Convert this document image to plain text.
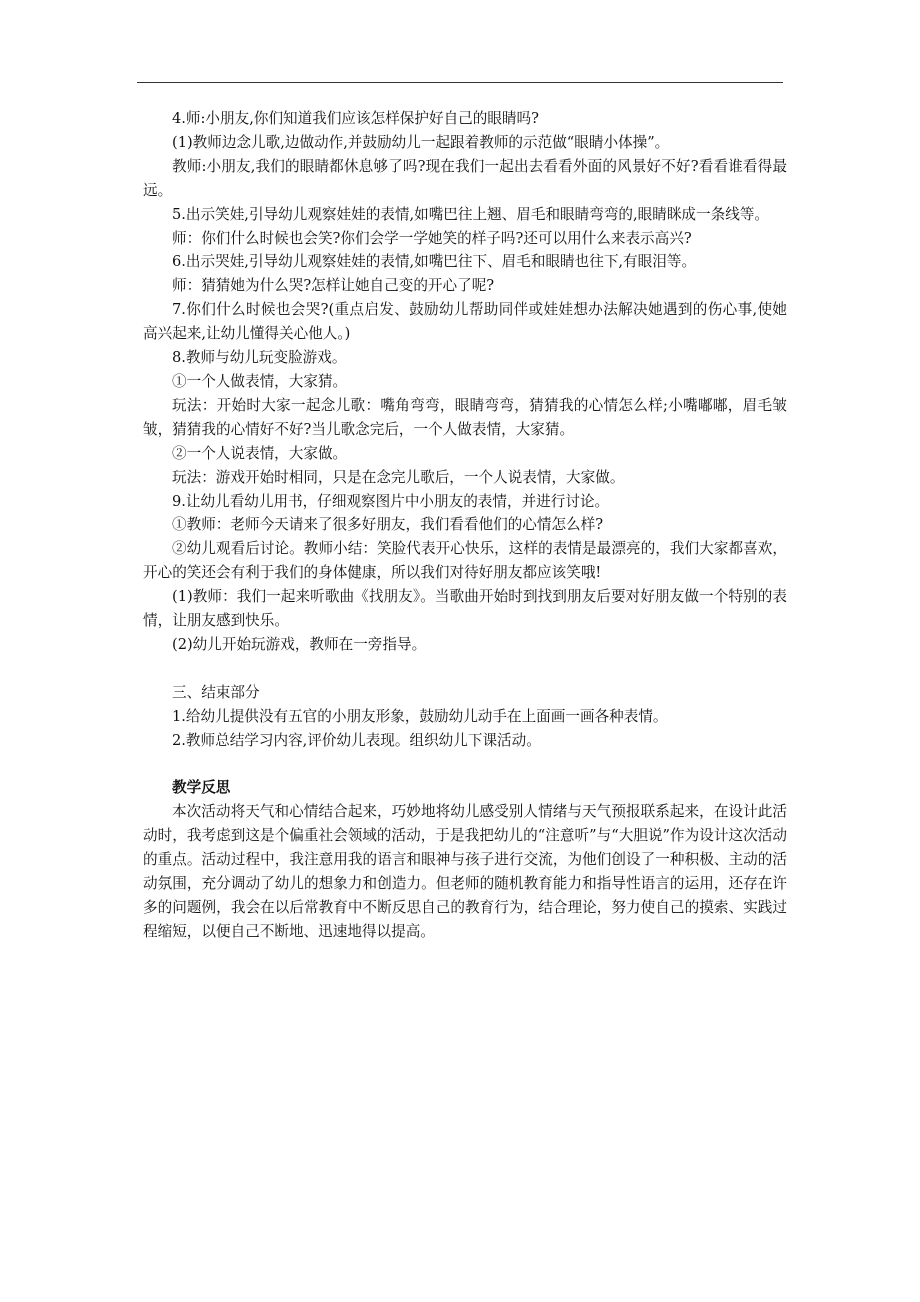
4.师:小朋友,你们知道我们应该怎样保护好自己的眼睛吗?

(1)教师边念儿歌,边做动作,并鼓励幼儿一起跟着教师的示范做“眼睛小体操”。

教师:小朋友,我们的眼睛都休息够了吗?现在我们一起出去看看外面的风景好不好?看看谁看得最远。

5.出示笑娃,引导幼儿观察娃娃的表情,如嘴巴往上翘、眉毛和眼睛弯弯的,眼睛眯成一条线等。

师：你们什么时候也会笑?你们会学一学她笑的样子吗?还可以用什么来表示高兴?

6.出示哭娃,引导幼儿观察娃娃的表情,如嘴巴往下、眉毛和眼睛也往下,有眼泪等。

师：猜猜她为什么哭?怎样让她自己变的开心了呢?

7.你们什么时候也会哭?(重点启发、鼓励幼儿帮助同伴或娃娃想办法解决她遇到的伤心事,使她高兴起来,让幼儿懂得关心他人。)

8.教师与幼儿玩变脸游戏。

①一个人做表情，大家猜。

玩法：开始时大家一起念儿歌：嘴角弯弯，眼睛弯弯，猜猜我的心情怎么样;小嘴嘟嘟，眉毛皱皱，猜猜我的心情好不好?当儿歌念完后，一个人做表情，大家猜。

②一个人说表情，大家做。

玩法：游戏开始时相同，只是在念完儿歌后，一个人说表情，大家做。

9.让幼儿看幼儿用书，仔细观察图片中小朋友的表情，并进行讨论。

①教师：老师今天请来了很多好朋友，我们看看他们的心情怎么样?

②幼儿观看后讨论。教师小结：笑脸代表开心快乐，这样的表情是最漂亮的，我们大家都喜欢，开心的笑还会有利于我们的身体健康，所以我们对待好朋友都应该笑哦!

(1)教师：我们一起来听歌曲《找朋友》。当歌曲开始时到找到朋友后要对好朋友做一个特别的表情，让朋友感到快乐。

(2)幼儿开始玩游戏，教师在一旁指导。

三、结束部分

1.给幼儿提供没有五官的小朋友形象，鼓励幼儿动手在上面画一画各种表情。

2.教师总结学习内容,评价幼儿表现。组织幼儿下课活动。

教学反思

本次活动将天气和心情结合起来，巧妙地将幼儿感受别人情绪与天气预报联系起来，在设计此活动时，我考虑到这是个偏重社会领域的活动，于是我把幼儿的“注意听”与“大胆说”作为设计这次活动的重点。活动过程中，我注意用我的语言和眼神与孩子进行交流，为他们创设了一种积极、主动的活动氛围，充分调动了幼儿的想象力和创造力。但老师的随机教育能力和指导性语言的运用，还存在许多的问题例，我会在以后常教育中不断反思自己的教育行为，结合理论，努力使自己的摸索、实践过程缩短，以便自己不断地、迅速地得以提高。
